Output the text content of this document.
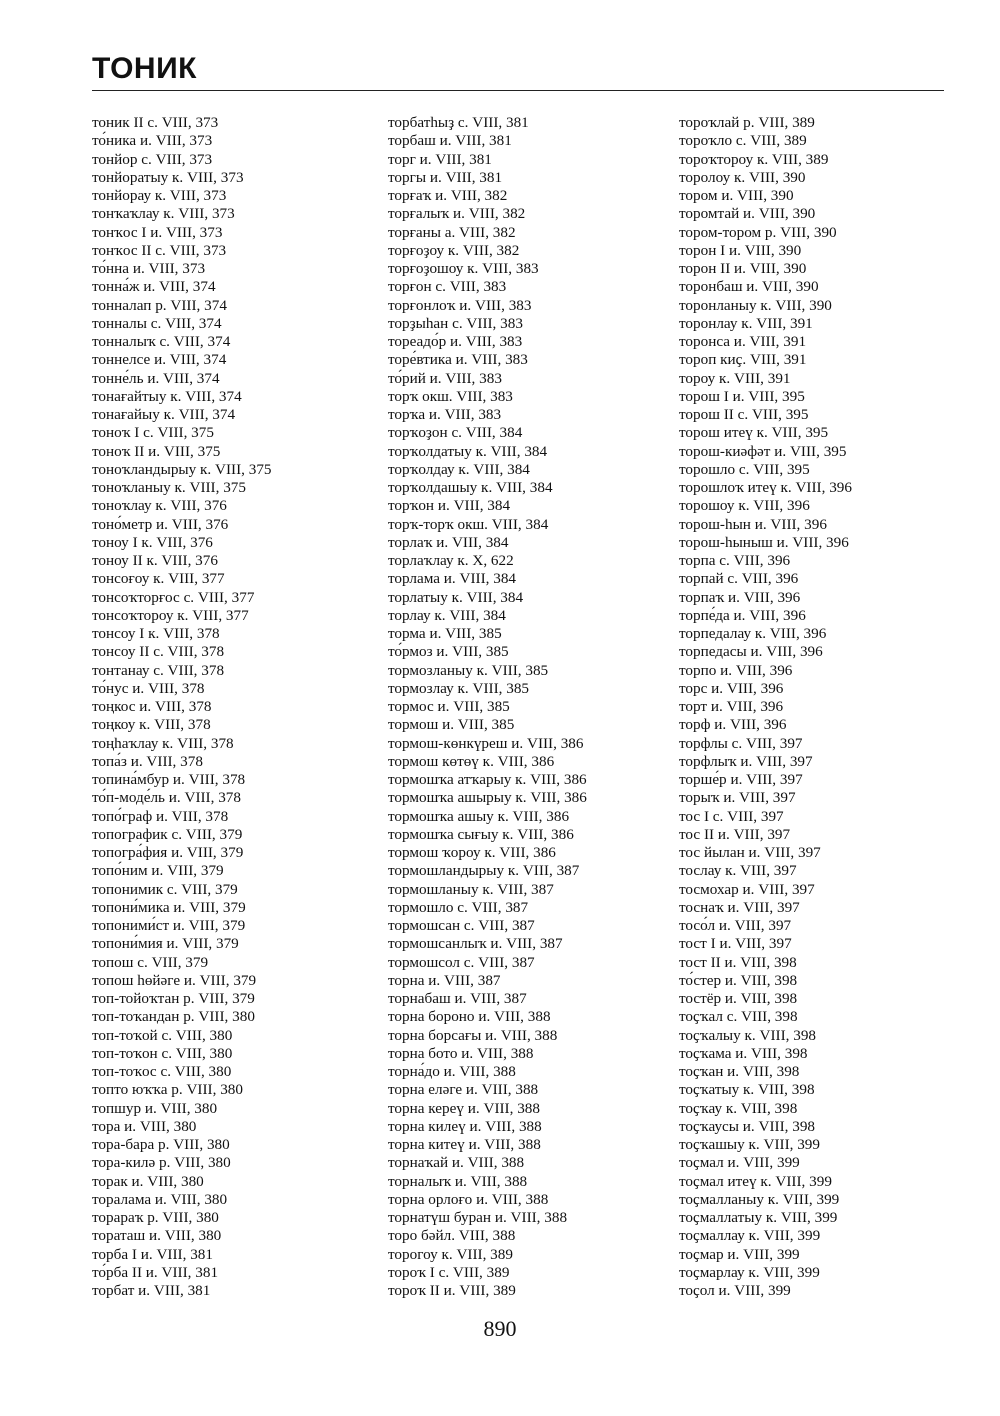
ТОНИК
тоник II с. VIII, 373
то́ника и. VIII, 373
тонйор с. VIII, 373
тонйоратыу к. VIII, 373
тонйорау к. VIII, 373
тонҡаҡлау к. VIII, 373
тонҡос I и. VIII, 373
тонҡос II с. VIII, 373
то́нна и. VIII, 373
тонна́ж и. VIII, 374
тонналап р. VIII, 374
тонналы с. VIII, 374
тонналыҡ с. VIII, 374
тоннелсе и. VIII, 374
тонне́ль и. VIII, 374
тонағайтыу к. VIII, 374
тонағайыу к. VIII, 374
тоноҡ I с. VIII, 375
тоноҡ II и. VIII, 375
тоноҡландырыу к. VIII, 375
тоноҡланыу к. VIII, 375
тоноҡлау к. VIII, 376
тоно́метр и. VIII, 376
тоноу I к. VIII, 376
тоноу II к. VIII, 376
тонсоғоу к. VIII, 377
тонсоҡторғос с. VIII, 377
тонсоҡтороу к. VIII, 377
тонсоу I к. VIII, 378
тонсоу II с. VIII, 378
тонтанау с. VIII, 378
то́нус и. VIII, 378
тоңкос и. VIII, 378
тоңкоу к. VIII, 378
тоңһаҡлау к. VIII, 378
топа́з и. VIII, 378
топина́мбур и. VIII, 378
то́п-моде́ль и. VIII, 378
топо́граф и. VIII, 378
топографик с. VIII, 379
топогра́фия и. VIII, 379
топо́ним и. VIII, 379
топонимик с. VIII, 379
топони́мика и. VIII, 379
топоними́ст и. VIII, 379
топони́мия и. VIII, 379
топош с. VIII, 379
топош һөйәге и. VIII, 379
топ-тойоҡтан р. VIII, 379
топ-тоҡандан р. VIII, 380
топ-тоҡой с. VIII, 380
топ-тоҡон с. VIII, 380
топ-тоҡос с. VIII, 380
топто юҡҡа р. VIII, 380
топшур и. VIII, 380
тора и. VIII, 380
тора-бара р. VIII, 380
тора-килә р. VIII, 380
торак и. VIII, 380
торалама и. VIII, 380
торараҡ р. VIII, 380
тораташ и. VIII, 380
торба I и. VIII, 381
то́рба II и. VIII, 381
торбат и. VIII, 381
торбатһыҙ с. VIII, 381
торбаш и. VIII, 381
торг и. VIII, 381
торгы и. VIII, 381
торғаҡ и. VIII, 382
торғалыҡ и. VIII, 382
торғаны а. VIII, 382
торғоҙоу к. VIII, 382
торғоҙошоу к. VIII, 383
торғон с. VIII, 383
торғонлоҡ и. VIII, 383
торҙыһан с. VIII, 383
тореадо́р и. VIII, 383
торе́втика и. VIII, 383
то́рий и. VIII, 383
торҡ окш. VIII, 383
торҡа и. VIII, 383
торҡоҙон с. VIII, 384
торҡолдатыу к. VIII, 384
торҡолдау к. VIII, 384
торҡолдашыу к. VIII, 384
торҡон и. VIII, 384
торҡ-торҡ окш. VIII, 384
торлаҡ и. VIII, 384
торлаҡлау к. X, 622
торлама и. VIII, 384
торлатыу к. VIII, 384
торлау к. VIII, 384
торма и. VIII, 385
то́рмоз и. VIII, 385
тормозланыу к. VIII, 385
тормозлау к. VIII, 385
тормос и. VIII, 385
тормош и. VIII, 385
тормош-көнкүреш и. VIII, 386
тормош көтөү к. VIII, 386
тормошҡа атҡарыу к. VIII, 386
тормошҡа ашырыу к. VIII, 386
тормошҡа ашыу к. VIII, 386
тормошҡа сығыу к. VIII, 386
тормош ҡороу к. VIII, 386
тормошландырыу к. VIII, 387
тормошланыу к. VIII, 387
тормошло с. VIII, 387
тормошсан с. VIII, 387
тормошсанлыҡ и. VIII, 387
тормошсол с. VIII, 387
торна и. VIII, 387
торнабаш и. VIII, 387
торна бороно и. VIII, 388
торна борсағы и. VIII, 388
торна бото и. VIII, 388
торна́до и. VIII, 388
торна еләге и. VIII, 388
торна кереү и. VIII, 388
торна килеү и. VIII, 388
торна китеү и. VIII, 388
торнаҡай и. VIII, 388
торналыҡ и. VIII, 388
торна орлоғо и. VIII, 388
торнатүш буран и. VIII, 388
торо бәйл. VIII, 388
торогоу к. VIII, 389
тороҡ I с. VIII, 389
тороҡ II и. VIII, 389
тороҡлай р. VIII, 389
тороҡло с. VIII, 389
тороҡтороу к. VIII, 389
торолоу к. VIII, 390
тором и. VIII, 390
торомтай и. VIII, 390
тором-тором р. VIII, 390
торон I и. VIII, 390
торон II и. VIII, 390
торонбаш и. VIII, 390
торонланыу к. VIII, 390
торонлау к. VIII, 391
торонса и. VIII, 391
тороп киҫ. VIII, 391
тороу к. VIII, 391
торош I и. VIII, 395
торош II с. VIII, 395
торош итеү к. VIII, 395
торош-киәфәт и. VIII, 395
торошло с. VIII, 395
торошлоҡ итеү к. VIII, 396
торошоу к. VIII, 396
торош-һын и. VIII, 396
торош-һыныш и. VIII, 396
торпа с. VIII, 396
торпай с. VIII, 396
торпаҡ и. VIII, 396
торпе́да и. VIII, 396
торпедалау к. VIII, 396
торпедасы и. VIII, 396
торпо и. VIII, 396
торс и. VIII, 396
торт и. VIII, 396
торф и. VIII, 396
торфлы с. VIII, 397
торфлыҡ и. VIII, 397
торше́р и. VIII, 397
торыҡ и. VIII, 397
тос I с. VIII, 397
тос II и. VIII, 397
тос йылан и. VIII, 397
тослау к. VIII, 397
тосмохар и. VIII, 397
тоснаҡ и. VIII, 397
тосо́л и. VIII, 397
тост I и. VIII, 397
тост II и. VIII, 398
то́стер и. VIII, 398
тостёр и. VIII, 398
тоҫҡал с. VIII, 398
тоҫҡалыу к. VIII, 398
тоҫҡама и. VIII, 398
тоҫҡан и. VIII, 398
тоҫҡатыу к. VIII, 398
тоҫҡау к. VIII, 398
тоҫҡаусы и. VIII, 398
тоҫҡашыу к. VIII, 399
тоҫмал и. VIII, 399
тоҫмал итеү к. VIII, 399
тоҫмалланыу к. VIII, 399
тоҫмаллатыу к. VIII, 399
тоҫмаллау к. VIII, 399
тоҫмар и. VIII, 399
тоҫмарлау к. VIII, 399
тоҫол и. VIII, 399
890
